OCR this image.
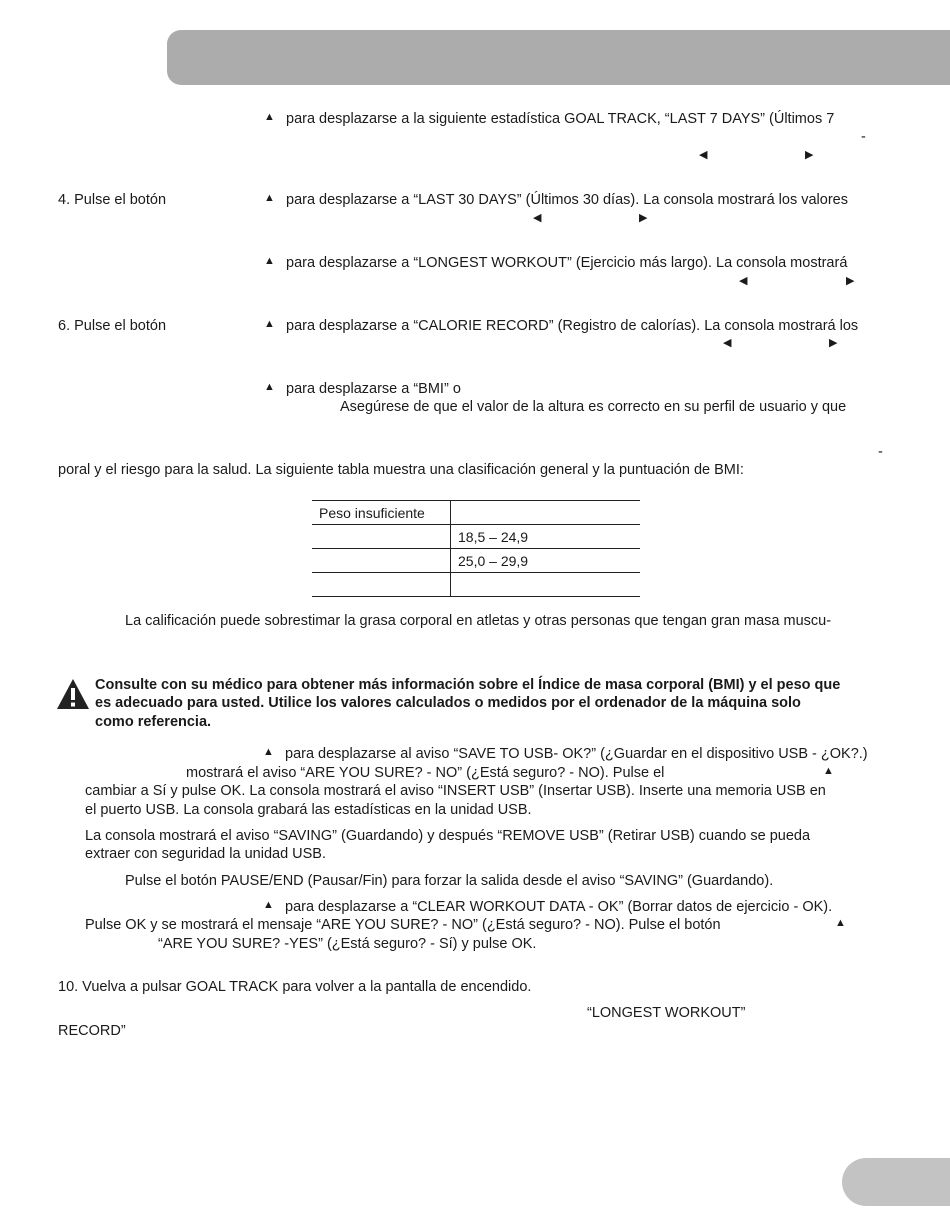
▲ para desplazarse a la siguiente estadística GOAL TRACK, “LAST 7 DAYS” (Últimos 7
-
◀	▶
4. Pulse el botón	▲ para desplazarse a “LAST 30 DAYS” (Últimos 30 días). La consola mostrará los valores
◀	▶
▲ para desplazarse a “LONGEST WORKOUT” (Ejercicio más largo). La consola mostrará
◀	▶
6. Pulse el botón	▲ para desplazarse a “CALORIE RECORD” (Registro de calorías). La consola mostrará los
◀	▶
▲ para desplazarse a “BMI” o
Asegúrese de que el valor de la altura es correcto en su perfil de usuario y que
-
poral y el riesgo para la salud. La siguiente tabla muestra una clasificación general y la puntuación de BMI:
Peso insuficiente	
	18,5 – 24,9
	25,0 – 29,9

La calificación puede sobrestimar la grasa corporal en atletas y otras personas que tengan gran masa muscu-
Consulte con su médico para obtener más información sobre el Índice de masa corporal (BMI) y el peso que
es adecuado para usted. Utilice los valores calculados o medidos por el ordenador de la máquina solo
como referencia.
▲ para desplazarse al aviso “SAVE TO USB- OK?” (¿Guardar en el dispositivo USB - ¿OK?.)
mostrará el aviso “ARE YOU SURE? - NO” (¿Está seguro? - NO). Pulse el	▲
cambiar a Sí y pulse OK. La consola mostrará el aviso “INSERT USB” (Insertar USB). Inserte una memoria USB en
el puerto USB. La consola grabará las estadísticas en la unidad USB.
La consola mostrará el aviso “SAVING” (Guardando) y después “REMOVE USB” (Retirar USB) cuando se pueda
extraer con seguridad la unidad USB.
Pulse el botón PAUSE/END (Pausar/Fin) para forzar la salida desde el aviso “SAVING” (Guardando).
▲ para desplazarse a “CLEAR WORKOUT DATA - OK” (Borrar datos de ejercicio - OK).
Pulse OK y se mostrará el mensaje “ARE YOU SURE? - NO” (¿Está seguro? - NO). Pulse el botón	▲
“ARE YOU SURE? -YES” (¿Está seguro? - Sí) y pulse OK.
10. Vuelva a pulsar GOAL TRACK para volver a la pantalla de encendido.
“LONGEST WORKOUT”
RECORD”
